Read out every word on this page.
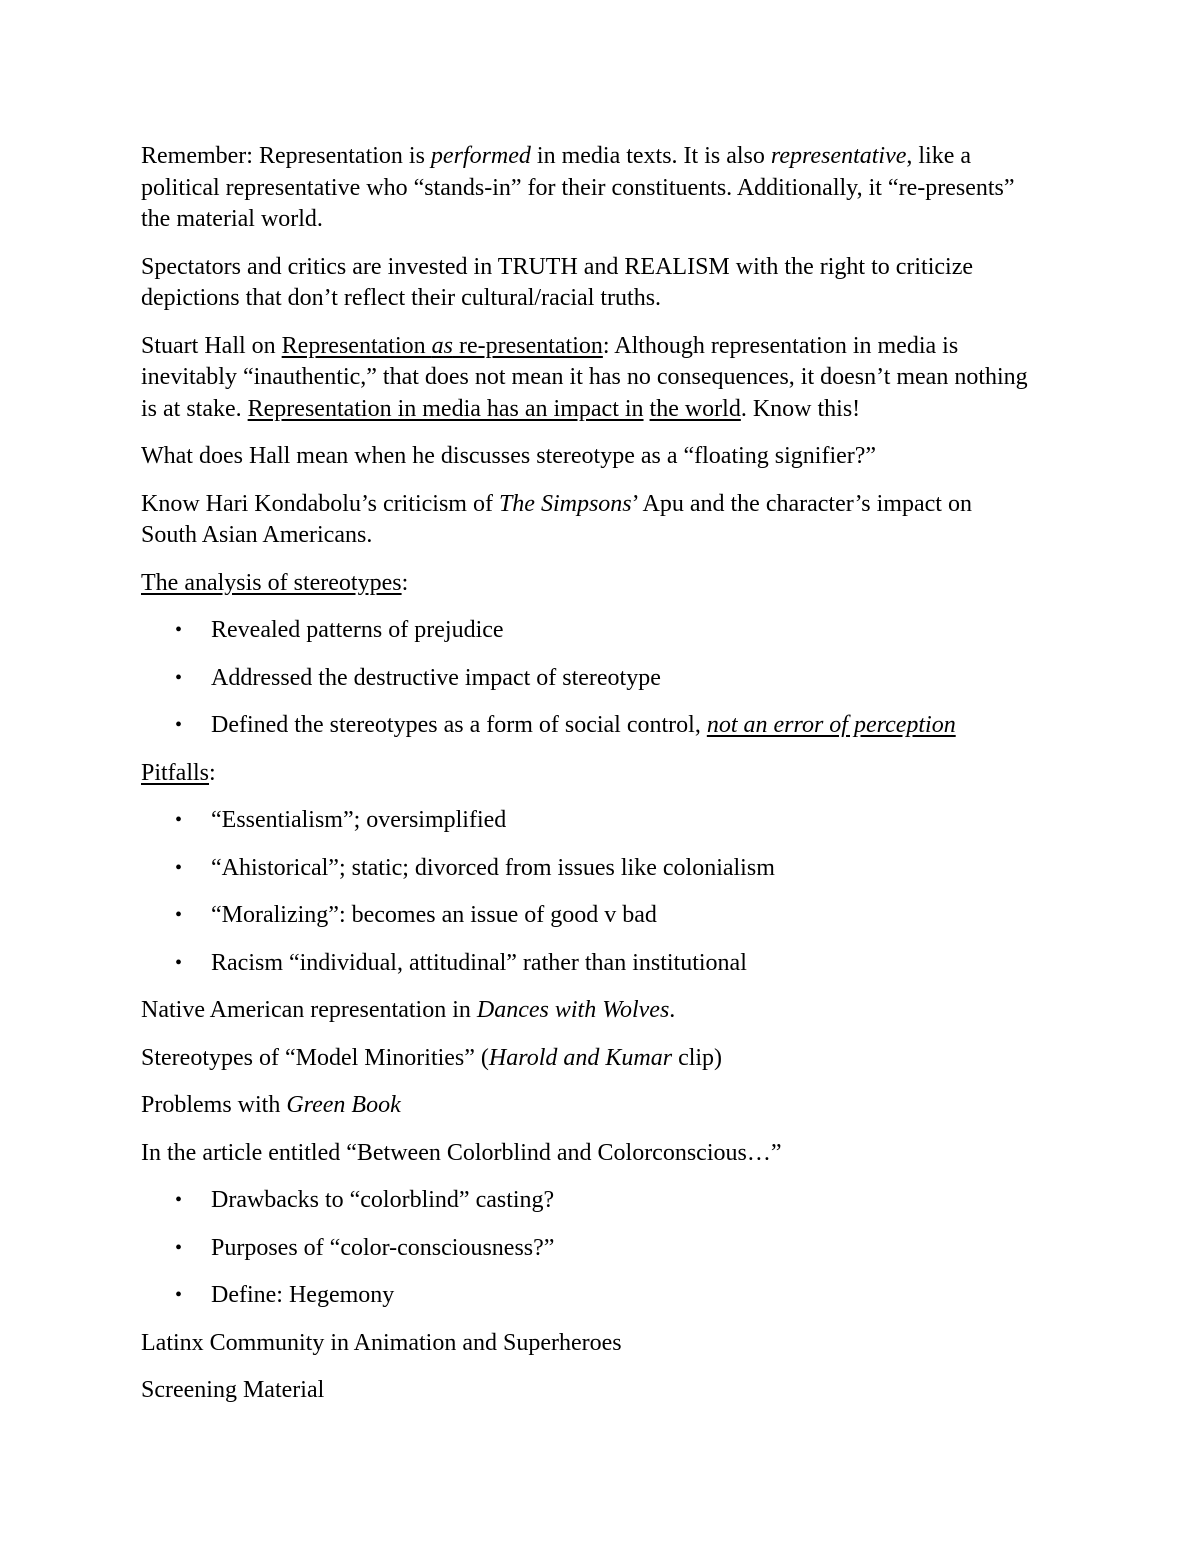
Remember: Representation is performed in media texts. It is also representative, like a political representative who “stands-in” for their constituents. Additionally, it “re-presents” the material world.

Spectators and critics are invested in TRUTH and REALISM with the right to criticize depictions that don’t reflect their cultural/racial truths.

Stuart Hall on Representation as re-presentation: Although representation in media is inevitably “inauthentic,” that does not mean it has no consequences, it doesn’t mean nothing is at stake. Representation in media has an impact in the world. Know this!

What does Hall mean when he discusses stereotype as a “floating signifier?”

Know Hari Kondabolu’s criticism of The Simpsons’ Apu and the character’s impact on South Asian Americans.

The analysis of stereotypes:

• Revealed patterns of prejudice
• Addressed the destructive impact of stereotype
• Defined the stereotypes as a form of social control, not an error of perception

Pitfalls:

• “Essentialism”; oversimplified
• “Ahistorical”; static; divorced from issues like colonialism
• “Moralizing”: becomes an issue of good v bad
• Racism “individual, attitudinal” rather than institutional

Native American representation in Dances with Wolves.

Stereotypes of “Model Minorities” (Harold and Kumar clip)

Problems with Green Book

In the article entitled “Between Colorblind and Colorconscious…”

• Drawbacks to “colorblind” casting?
• Purposes of “color-consciousness?”
• Define: Hegemony

Latinx Community in Animation and Superheroes

Screening Material
